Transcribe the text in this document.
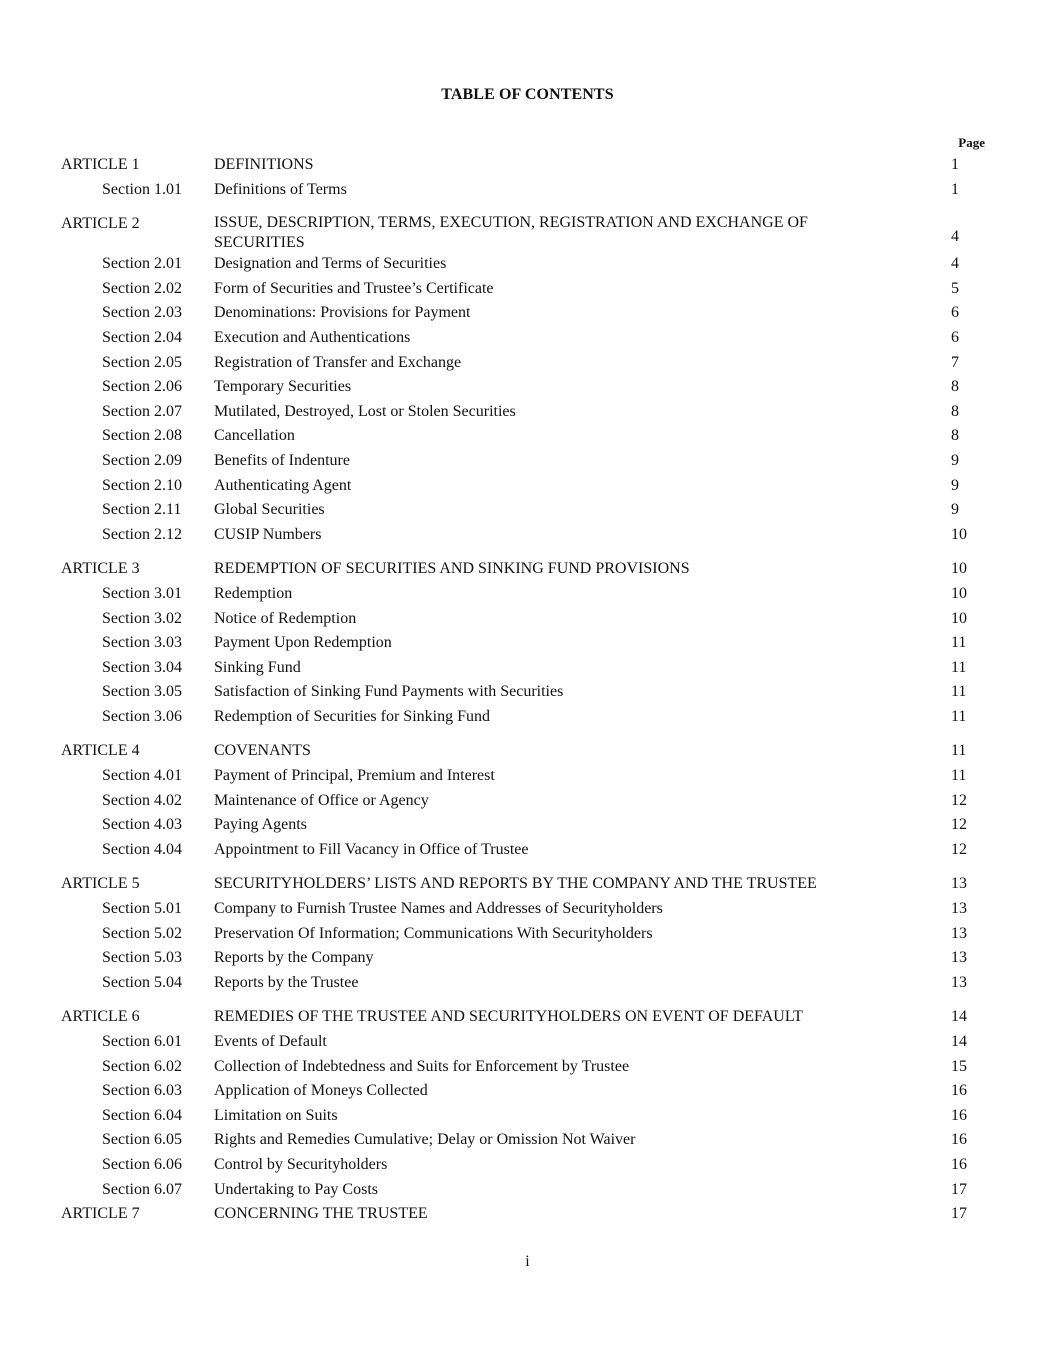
TABLE OF CONTENTS
Page
ARTICLE 1	DEFINITIONS	1
Section 1.01 Definitions of Terms	1
ARTICLE 2	ISSUE, DESCRIPTION, TERMS, EXECUTION, REGISTRATION AND EXCHANGE OF SECURITIES	4
Section 2.01 Designation and Terms of Securities	4
Section 2.02 Form of Securities and Trustee’s Certificate	5
Section 2.03 Denominations: Provisions for Payment	6
Section 2.04 Execution and Authentications	6
Section 2.05 Registration of Transfer and Exchange	7
Section 2.06 Temporary Securities	8
Section 2.07 Mutilated, Destroyed, Lost or Stolen Securities	8
Section 2.08 Cancellation	8
Section 2.09 Benefits of Indenture	9
Section 2.10 Authenticating Agent	9
Section 2.11 Global Securities	9
Section 2.12 CUSIP Numbers	10
ARTICLE 3	REDEMPTION OF SECURITIES AND SINKING FUND PROVISIONS	10
Section 3.01 Redemption	10
Section 3.02 Notice of Redemption	10
Section 3.03 Payment Upon Redemption	11
Section 3.04 Sinking Fund	11
Section 3.05 Satisfaction of Sinking Fund Payments with Securities	11
Section 3.06 Redemption of Securities for Sinking Fund	11
ARTICLE 4	COVENANTS	11
Section 4.01 Payment of Principal, Premium and Interest	11
Section 4.02 Maintenance of Office or Agency	12
Section 4.03 Paying Agents	12
Section 4.04 Appointment to Fill Vacancy in Office of Trustee	12
ARTICLE 5	SECURITYHOLDERS’ LISTS AND REPORTS BY THE COMPANY AND THE TRUSTEE	13
Section 5.01 Company to Furnish Trustee Names and Addresses of Securityholders	13
Section 5.02 Preservation Of Information; Communications With Securityholders	13
Section 5.03 Reports by the Company	13
Section 5.04 Reports by the Trustee	13
ARTICLE 6	REMEDIES OF THE TRUSTEE AND SECURITYHOLDERS ON EVENT OF DEFAULT	14
Section 6.01 Events of Default	14
Section 6.02 Collection of Indebtedness and Suits for Enforcement by Trustee	15
Section 6.03 Application of Moneys Collected	16
Section 6.04 Limitation on Suits	16
Section 6.05 Rights and Remedies Cumulative; Delay or Omission Not Waiver	16
Section 6.06 Control by Securityholders	16
Section 6.07 Undertaking to Pay Costs	17
ARTICLE 7	CONCERNING THE TRUSTEE	17
i
